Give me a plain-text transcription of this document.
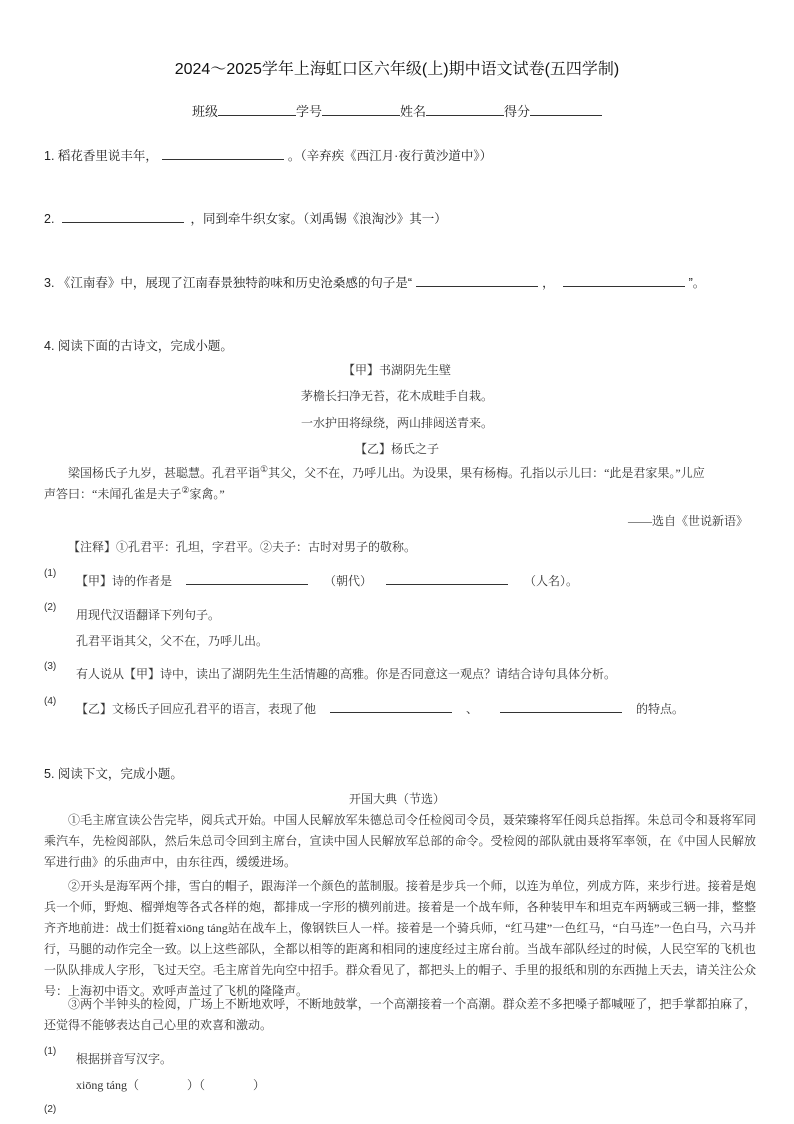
2024～2025学年上海虹口区六年级(上)期中语文试卷(五四学制)
班级	学号	姓名	得分
1. 稻花香里说丰年，	。（辛弃疾《西江月·夜行黄沙道中》）
2.	，同到牵牛织女家。（刘禹锡《浪淘沙》其一）
3. 《江南春》中，展现了江南春景独特韵味和历史沧桑感的句子是“	，	”。
4. 阅读下面的古诗文，完成小题。
【甲】书湖阴先生壁
茅檐长扫净无苔，花木成畦手自栽。
一水护田将绿绕，两山排闼送青来。
【乙】杨氏之子
梁国杨氏子九岁，甚聪慧。孔君平诣①其父，父不在，乃呼儿出。为设果，果有杨梅。孔指以示儿曰：“此是君家果。”儿应
声答曰：“未闻孔雀是夫子②家禽。”
——选自《世说新语》
【注释】①孔君平：孔坦，字君平。②夫子：古时对男子的敬称。
(1)
【甲】诗的作者是	（朝代）	（人名）。
(2)
用现代汉语翻译下列句子。
孔君平诣其父，父不在，乃呼儿出。
(3)
有人说从【甲】诗中，读出了湖阴先生生活情趣的高雅。你是否同意这一观点？请结合诗句具体分析。
(4)
【乙】文杨氏子回应孔君平的语言，表现了他	、	的特点。
5. 阅读下文，完成小题。
开国大典（节选）
①毛主席宣读公告完毕，阅兵式开始。中国人民解放军朱德总司令任检阅司令员，聂荣臻将军任阅兵总指挥。朱总司令和聂将军同乘汽车，先检阅部队，然后朱总司令回到主席台，宣读中国人民解放军总部的命令。受检阅的部队就由聂将军率领，在《中国人民解放军进行曲》的乐曲声中，由东往西，缓缓进场。
②开头是海军两个排，雪白的帽子，跟海洋一个颜色的蓝制服。接着是步兵一个师，以连为单位，列成方阵，来步行进。接着是炮兵一个师，野炮、榴弹炮等各式各样的炮，都排成一字形的横列前进。接着是一个战车师，各种装甲车和坦克车两辆或三辆一排，整整齐齐地前进：战士们挺着xiōng táng站在战车上，像钢铁巨人一样。接着是一个骑兵师，“红马建”一色红马，“白马连”一色白马，六马并行，马腿的动作完全一致。以上这些部队，全都以相等的距离和相同的速度经过主席台前。当战车部队经过的时候，人民空军的飞机也一队队排成人字形，飞过天空。毛主席首先向空中招手。群众看见了，都把头上的帽子、手里的报纸和別的东西抛上天去，请关注公众号：上海初中语文。欢呼声盖过了飞机的隆隆声。
③两个半钟头的检阅，广场上不断地欢呼，不断地鼓掌，一个高潮接着一个高潮。群众差不多把嗓子都喊哑了，把手掌都拍麻了，还觉得不能够表达自己心里的欢喜和激动。
(1)
根据拼音写汉字。
xiōng táng（　　　　）（　　　　）
(2)
